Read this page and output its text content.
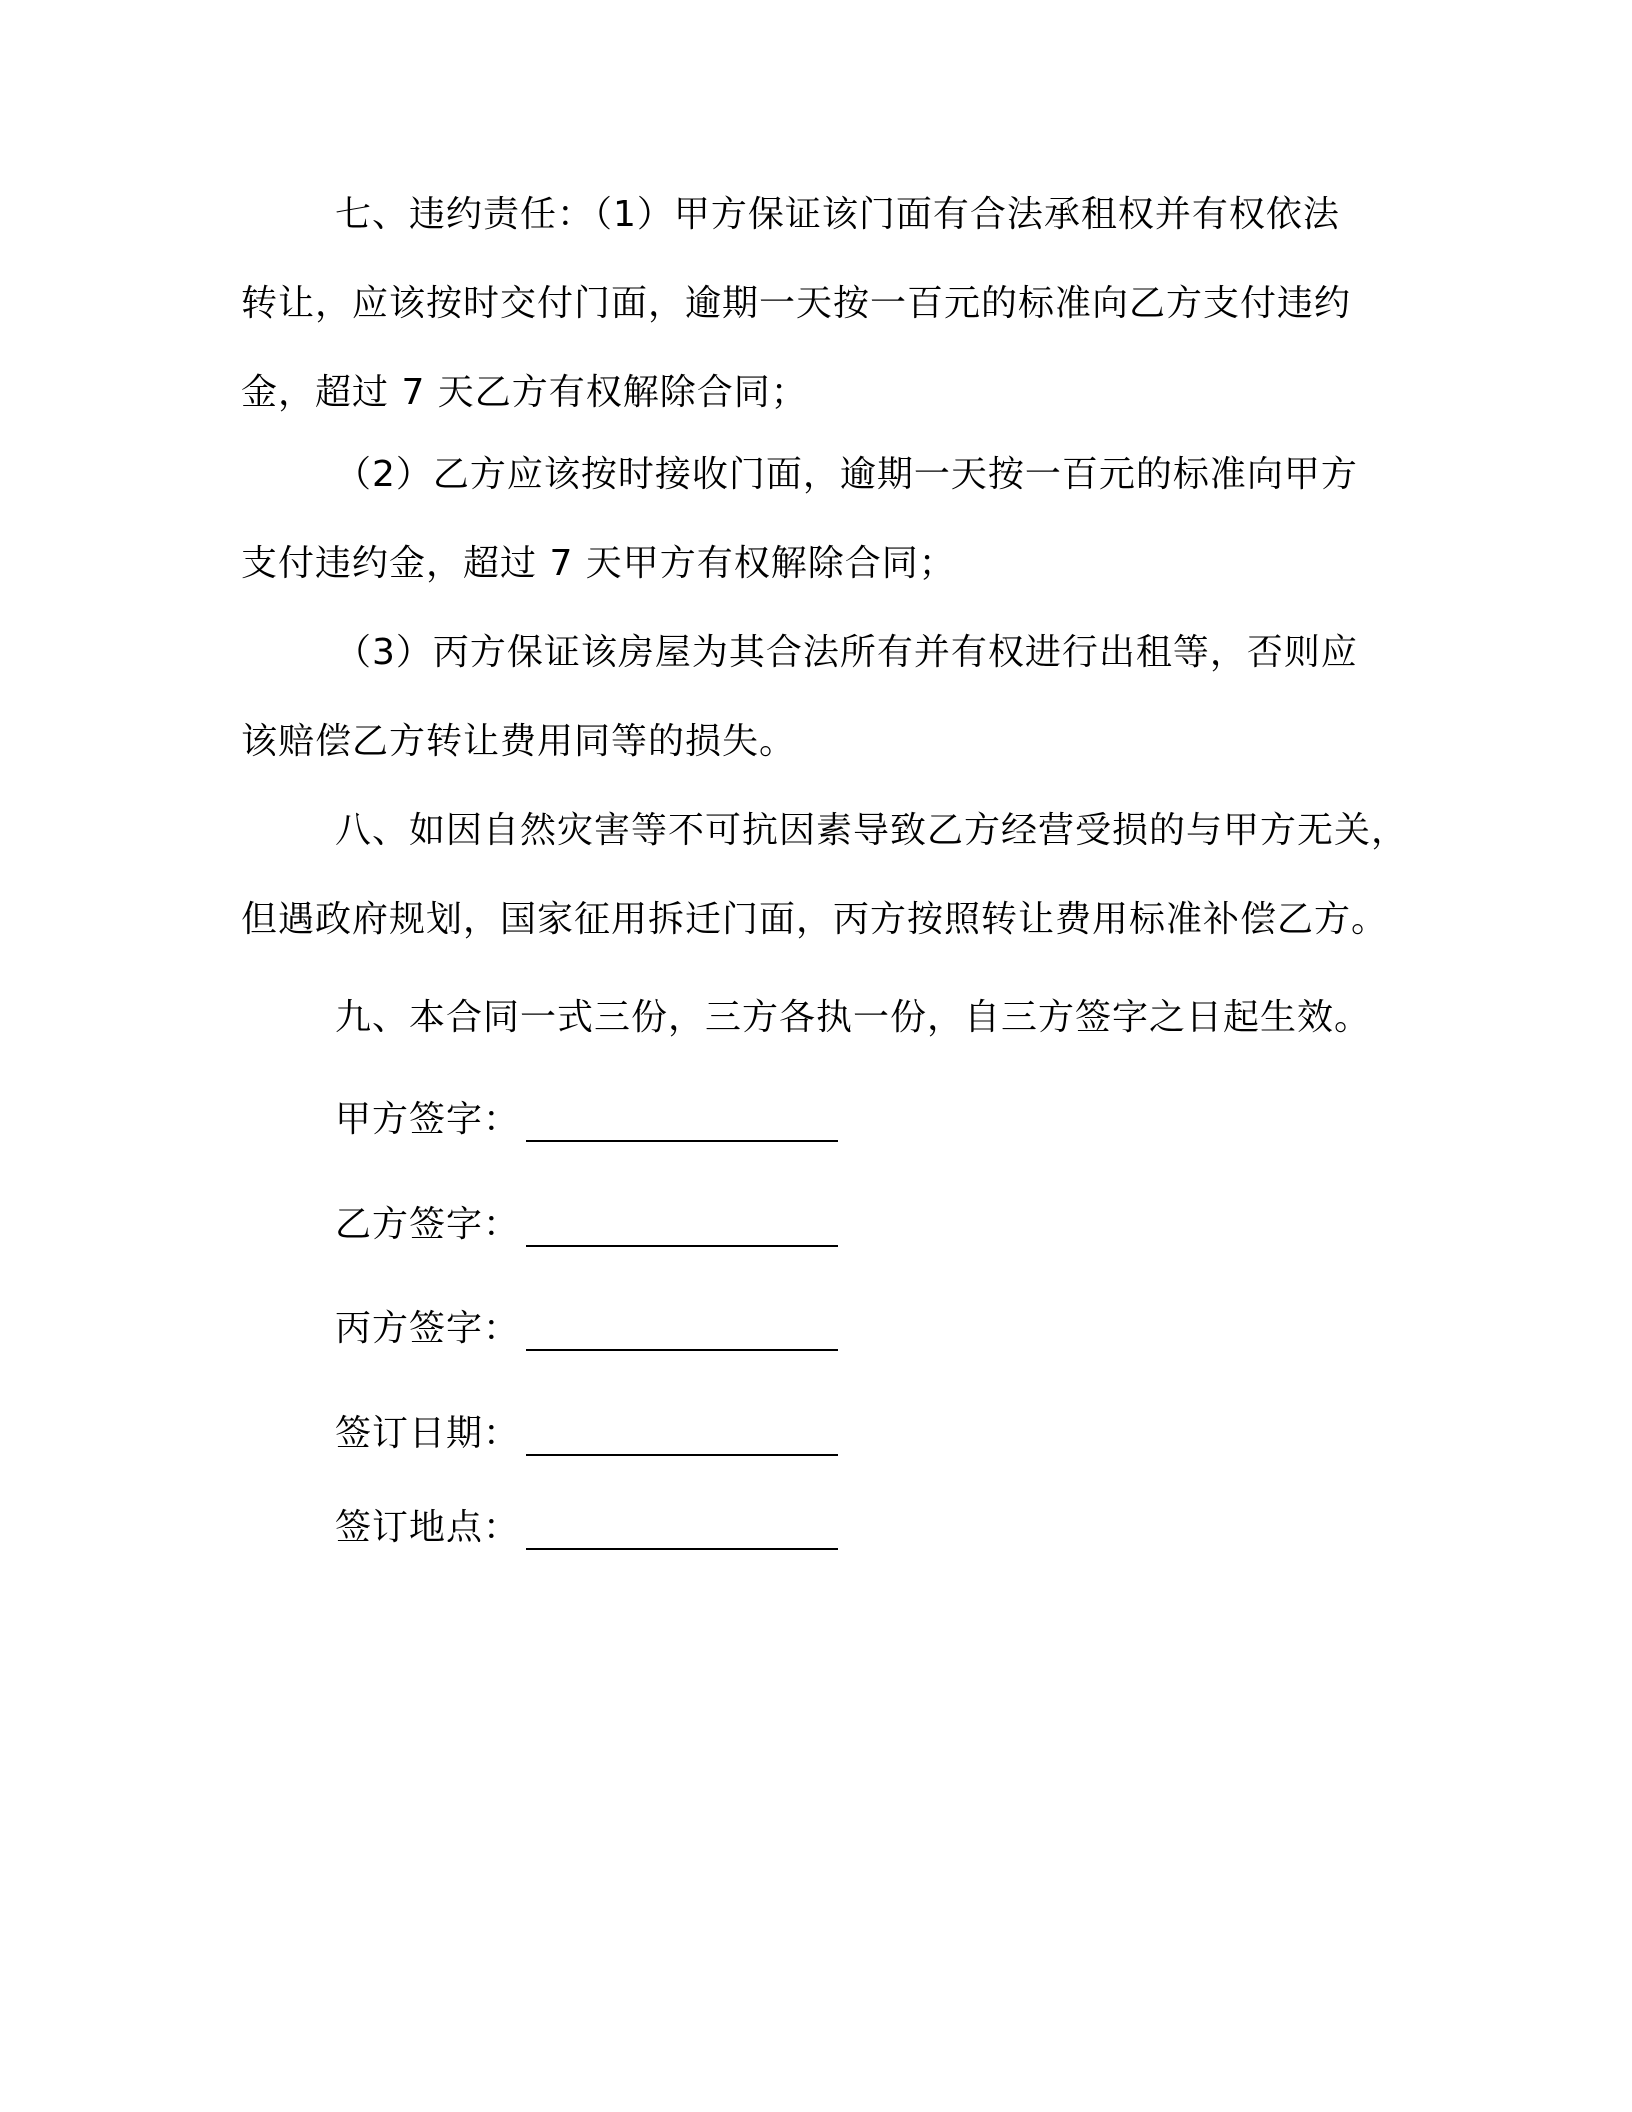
七、违约责任：（1）甲方保证该门面有合法承租权并有权依法
转让，应该按时交付门面，逾期一天按一百元的标准向乙方支付违约
金，超过 7 天乙方有权解除合同；
（2）乙方应该按时接收门面，逾期一天按一百元的标准向甲方
支付违约金，超过 7 天甲方有权解除合同；
（3）丙方保证该房屋为其合法所有并有权进行出租等，否则应
该赔偿乙方转让费用同等的损失。
八、如因自然灾害等不可抗因素导致乙方经营受损的与甲方无关，
但遇政府规划，国家征用拆迁门面，丙方按照转让费用标准补偿乙方。
九、本合同一式三份，三方各执一份，自三方签字之日起生效。
甲方签字：
乙方签字：
丙方签字：
签订日期：
签订地点：
